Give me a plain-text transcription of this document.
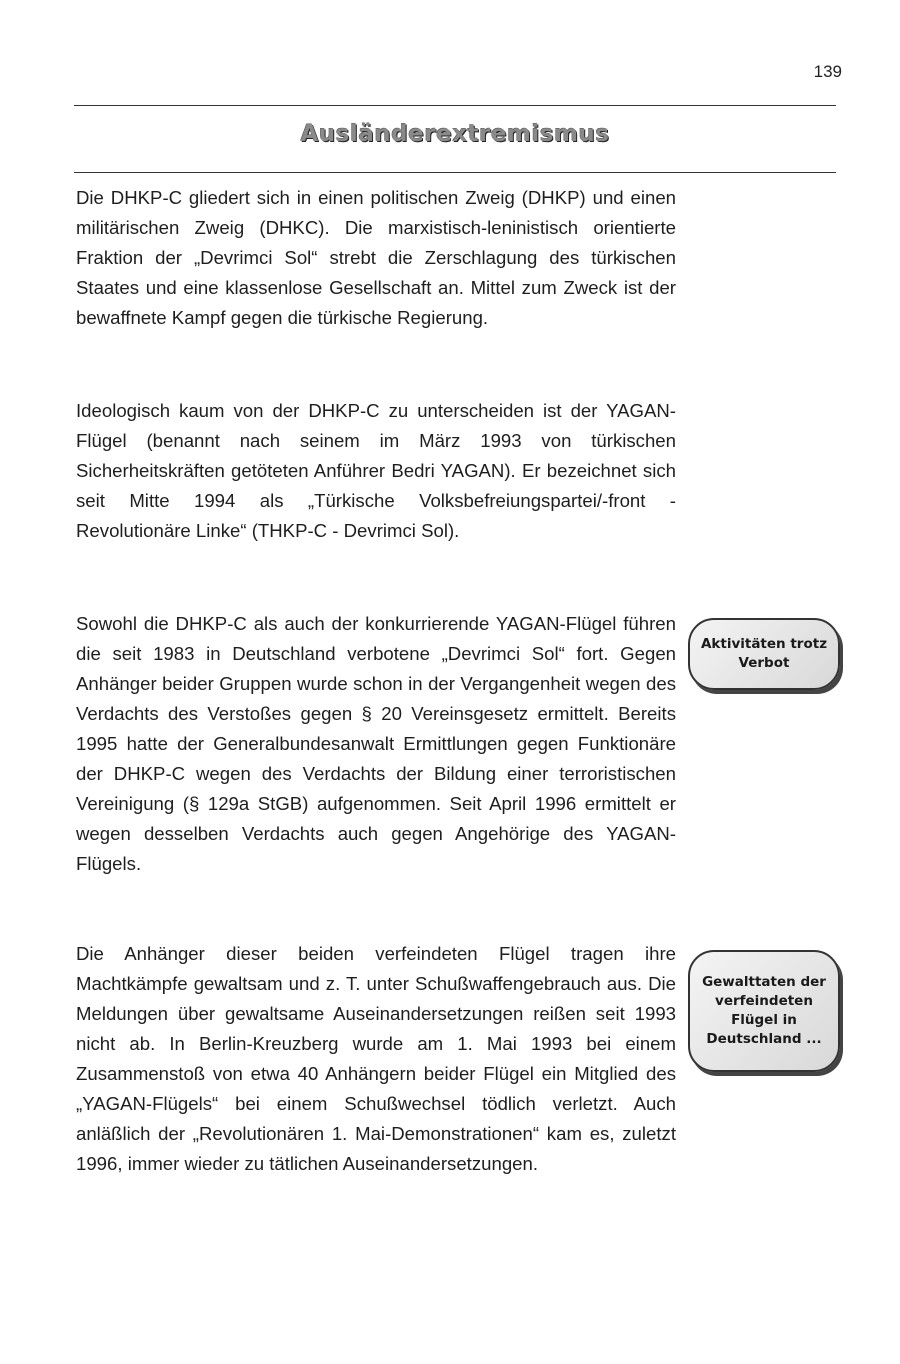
139
Ausländerextremismus
Die DHKP-C gliedert sich in einen politischen Zweig (DHKP) und einen militärischen Zweig (DHKC). Die marxistisch-leninistisch orientierte Fraktion der „Devrimci Sol“ strebt die Zerschlagung des türkischen Staates und eine klassenlose Gesellschaft an. Mittel zum Zweck ist der bewaffnete Kampf gegen die türkische Regierung.
Ideologisch kaum von der DHKP-C zu unterscheiden ist der YAGAN-Flügel (benannt nach seinem im März 1993 von türkischen Sicherheitskräften getöteten Anführer Bedri YAGAN). Er bezeichnet sich seit Mitte 1994 als „Türkische Volksbefreiungspartei/-front - Revolutionäre Linke“ (THKP-C - Devrimci Sol).
Sowohl die DHKP-C als auch der konkurrierende YAGAN-Flügel führen die seit 1983 in Deutschland verbotene „Devrimci Sol“ fort. Gegen Anhänger beider Gruppen wurde schon in der Vergangenheit wegen des Verdachts des Verstoßes gegen § 20 Vereinsgesetz ermittelt. Bereits 1995 hatte der Generalbundesanwalt Ermittlungen gegen Funktionäre der DHKP-C wegen des Verdachts der Bildung einer terroristischen Vereinigung (§ 129a StGB) aufgenommen. Seit April 1996 ermittelt er wegen desselben Verdachts auch gegen Angehörige des YAGAN-Flügels.
Die Anhänger dieser beiden verfeindeten Flügel tragen ihre Machtkämpfe gewaltsam und z. T. unter Schußwaffengebrauch aus. Die Meldungen über gewaltsame Auseinandersetzungen reißen seit 1993 nicht ab. In Berlin-Kreuzberg wurde am 1. Mai 1993 bei einem Zusammenstoß von etwa 40 Anhängern beider Flügel ein Mitglied des „YAGAN-Flügels“ bei einem Schußwechsel tödlich verletzt. Auch anläßlich der „Revolutionären 1. Mai-Demonstrationen“ kam es, zuletzt 1996, immer wieder zu tätlichen Auseinandersetzungen.
Aktivitäten trotz
Verbot
Gewalttaten der
verfeindeten
Flügel in
Deutschland ...
